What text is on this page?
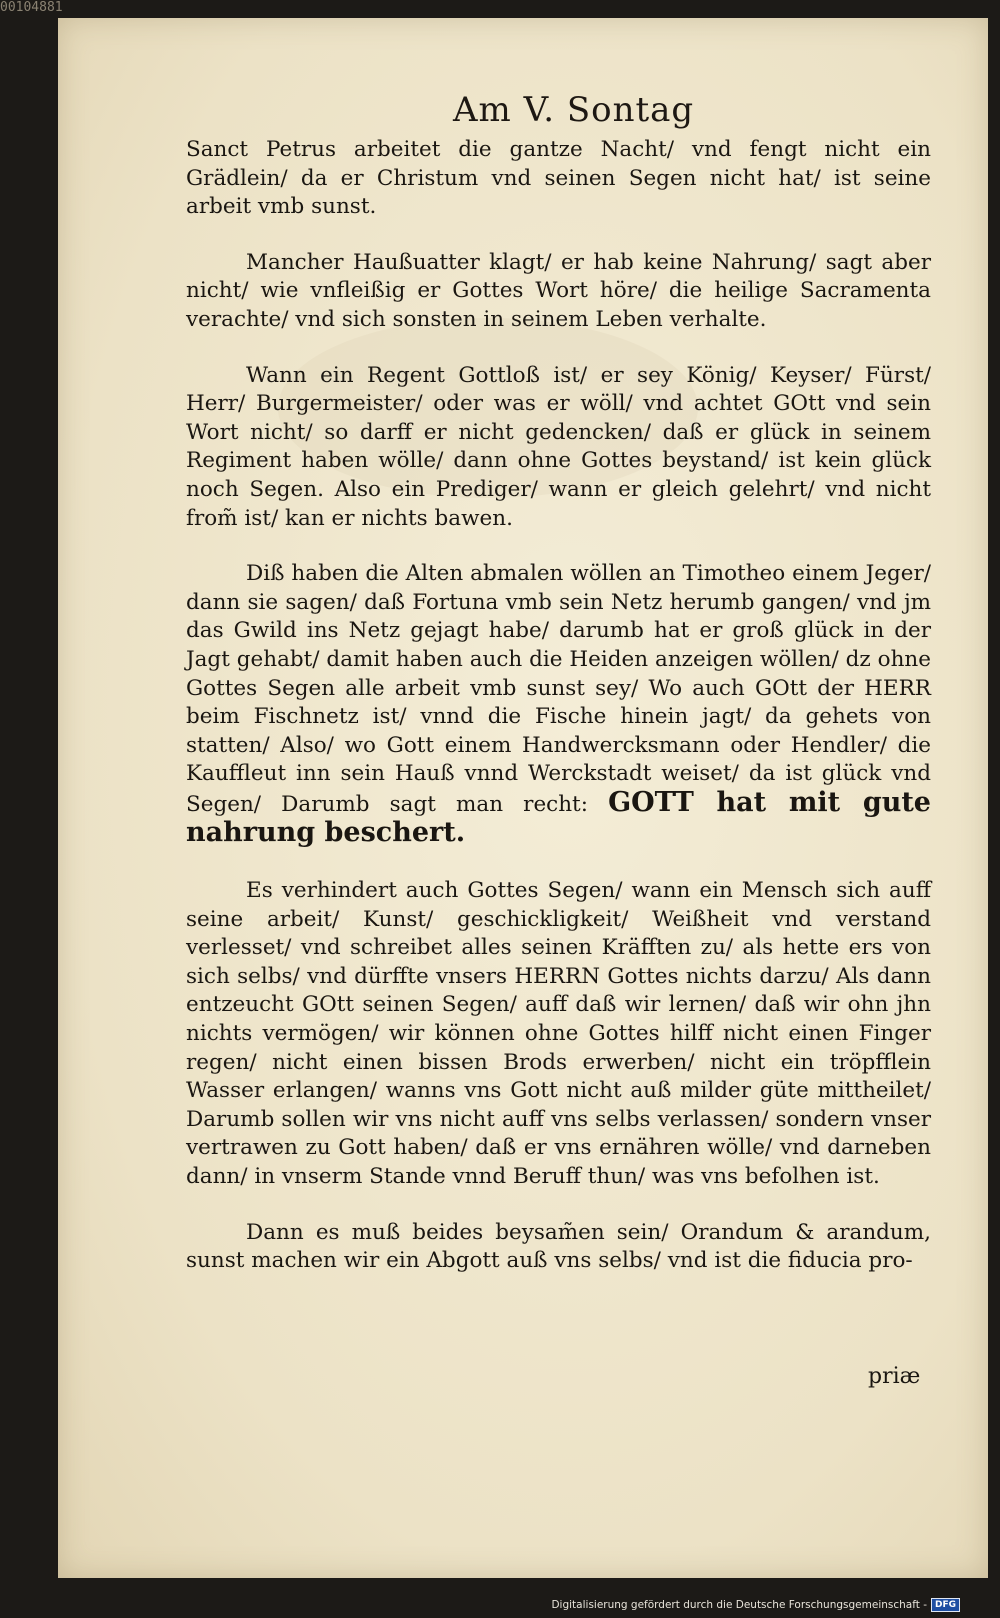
00104881
Am V. Sontag

Sanct Petrus arbeitet die gantze Nacht/ vnd fengt nicht ein Grädlein/ da er Christum vnd seinen Segen nicht hat/ ist seine arbeit vmb sunst.

Mancher Haußuatter klagt/ er hab keine Nahrung/ sagt aber nicht/ wie vnfleißig er Gottes Wort höre/ die heilige Sacramenta verachte/ vnd sich sonsten in seinem Leben verhalte.

Wann ein Regent Gottloß ist/ er sey König/ Keyser/ Fürst/ Herr/ Burgermeister/ oder was er wöll/ vnd achtet GOtt vnd sein Wort nicht/ so darff er nicht gedencken/ daß er glück in seinem Regiment haben wölle/ dann ohne Gottes beystand/ ist kein glück noch Segen. Also ein Prediger/ wann er gleich gelehrt/ vnd nicht from̃ ist/ kan er nichts bawen.

Diß haben die Alten abmalen wöllen an Timotheo einem Jeger/ dann sie sagen/ daß Fortuna vmb sein Netz herumb gangen/ vnd jm das Gwild ins Netz gejagt habe/ darumb hat er groß glück in der Jagt gehabt/ damit haben auch die Heiden anzeigen wöllen/ dz ohne Gottes Segen alle arbeit vmb sunst sey/ Wo auch GOtt der HERR beim Fischnetz ist/ vnnd die Fische hinein jagt/ da gehets von statten/ Also/ wo Gott einem Handwercksmann oder Hendler/ die Kauffleut inn sein Hauß vnnd Werckstadt weiset/ da ist glück vnd Segen/ Darumb sagt man recht: GOTT hat mit gute nahrung beschert.

Es verhindert auch Gottes Segen/ wann ein Mensch sich auff seine arbeit/ Kunst/ geschickligkeit/ Weißheit vnd verstand verlesset/ vnd schreibet alles seinen Kräfften zu/ als hette ers von sich selbs/ vnd dürffte vnsers HERRN Gottes nichts darzu/ Als dann entzeucht GOtt seinen Segen/ auff daß wir lernen/ daß wir ohn jhn nichts vermögen/ wir können ohne Gottes hilff nicht einen Finger regen/ nicht einen bissen Brods erwerben/ nicht ein tröpfflein Wasser erlangen/ wanns vns Gott nicht auß milder güte mittheilet/ Darumb sollen wir vns nicht auff vns selbs verlassen/ sondern vnser vertrawen zu Gott haben/ daß er vns ernähren wölle/ vnd darneben dann/ in vnserm Stande vnnd Beruff thun/ was vns befolhen ist.

Dann es muß beides beysam̃en sein/ Orandum & arandum, sunst machen wir ein Abgott auß vns selbs/ vnd ist die fiducia pro-

priæ
Digitalisierung gefördert durch die Deutsche Forschungsgemeinschaft - DFG
